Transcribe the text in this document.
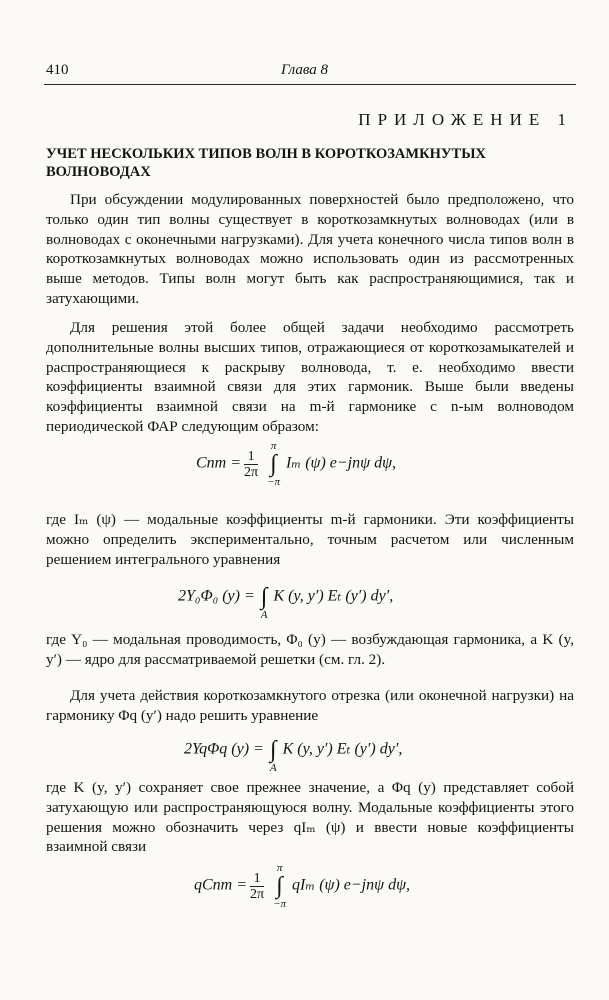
410	Глава 8
ПРИЛОЖЕНИЕ 1
УЧЕТ НЕСКОЛЬКИХ ТИПОВ ВОЛН В КОРОТКОЗАМКНУТЫХ ВОЛНОВОДАХ
При обсуждении модулированных поверхностей было предположено, что только один тип волны существует в короткозамкнутых волноводах (или в волноводах с оконечными нагрузками). Для учета конечного числа типов волн в короткозамкнутых волноводах можно использовать один из рассмотренных выше методов. Типы волн могут быть как распространяющимися, так и затухающими.
Для решения этой более общей задачи необходимо рассмотреть дополнительные волны высших типов, отражающиеся от короткозамыкателей и распространяющиеся к раскрыву волновода, т. е. необходимо ввести коэффициенты взаимной связи для этих гармоник. Выше были введены коэффициенты взаимной связи на m-й гармонике с n-ым волноводом периодической ФАР следующим образом:
Cnm = $\frac{1}{2\pi}$
π
∫
−π
Iₘ (ψ) e−jnψ dψ,
где Iₘ (ψ) — модальные коэффициенты m-й гармоники. Эти коэффициенты можно определить экспериментально, точным расчетом или численным решением интегрального уравнения
2Y₀Φ₀ (y) =
∫
A
K (y, y′) Eₜ (y′) dy′,
где Y₀ — модальная проводимость, Φ₀ (y) — возбуждающая гармоника, а K (y, y′) — ядро для рассматриваемой решетки (см. гл. 2).
Для учета действия короткозамкнутого отрезка (или оконечной нагрузки) на гармонику Φq (y′) надо решить уравнение
2YqΦq (y) =
∫
A
K (y, y′) Eₜ (y′) dy′,
где K (y, y′) сохраняет свое прежнее значение, а Φq (y) представляет собой затухающую или распространяющуюся волну. Модальные коэффициенты этого решения можно обозначить через qIₘ (ψ) и ввести новые коэффициенты взаимной связи
qCnm = $\frac{1}{2\pi}$
π
∫
−π
qIₘ (ψ) e−jnψ dψ,
